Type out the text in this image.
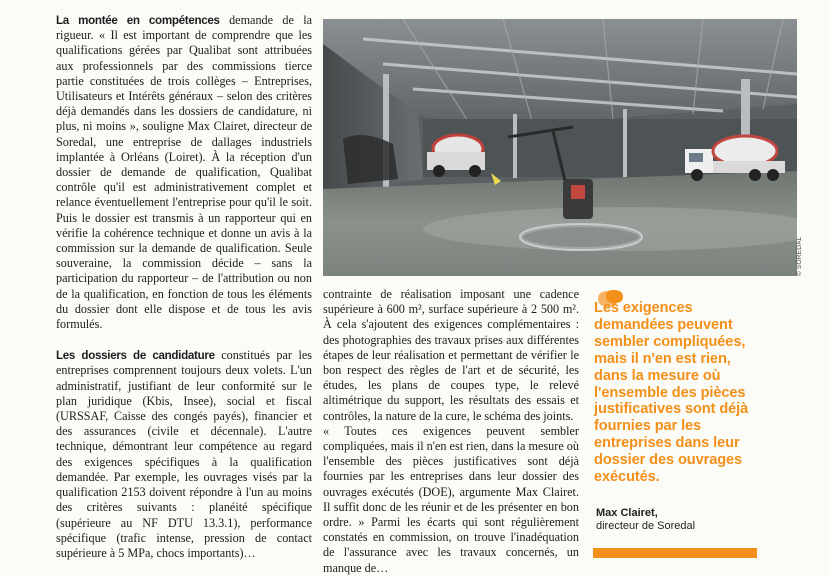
La montée en compétences demande de la rigueur. « Il est important de comprendre que les qualifications gérées par Qualibat sont attribuées aux professionnels par des commissions tierce partie constituées de trois collèges – Entreprises, Utilisateurs et Intérêts généraux – selon des critères déjà demandés dans les dossiers de candidature, ni plus, ni moins », souligne Max Clairet, directeur de Soredal, une entreprise de dallages industriels implantée à Orléans (Loiret). À la réception d'un dossier de demande de qualification, Qualibat contrôle qu'il est administrativement complet et relance éventuellement l'entreprise pour qu'il le soit. Puis le dossier est transmis à un rapporteur qui en vérifie la cohérence technique et donne un avis à la commission sur la demande de qualification. Seule souveraine, la commission décide – sans la participation du rapporteur – de l'attribution ou non de la qualification, en fonction de tous les éléments du dossier dont elle dispose et de tous les avis formulés.

Les dossiers de candidature constitués par les entreprises comprennent toujours deux volets. L'un administratif, justifiant de leur conformité sur le plan juridique (Kbis, Insee), social et fiscal (URSSAF, Caisse des congés payés), financier et des assurances (civile et décennale). L'autre technique, démontrant leur compétence au regard des exigences spécifiques à la qualification demandée. Par exemple, les ouvrages visés par la qualification 2153 doivent répondre à l'un au moins des critères suivants : planéité spécifique (supérieure au NF DTU 13.3.1), performance spécifique (trafic intense, pression de contact supérieure à 5 MPa, chocs importants)…

© SOREDAL

contrainte de réalisation imposant une cadence supérieure à 600 m², surface supérieure à 2 500 m². À cela s'ajoutent des exigences complémentaires : des photographies des travaux prises aux différentes étapes de leur réalisation et permettant de vérifier le bon respect des règles de l'art et de sécurité, les études, les plans de coupes type, le relevé altimétrique du support, les résultats des essais et contrôles, la nature de la cure, le schéma des joints.

« Toutes ces exigences peuvent sembler compliquées, mais il n'en est rien, dans la mesure où l'ensemble des pièces justificatives sont déjà fournies par les entreprises dans leur dossier des ouvrages exécutés (DOE), argumente Max Clairet. Il suffit donc de les réunir et de les présenter en bon ordre. » Parmi les écarts qui sont régulièrement constatés en commission, on trouve l'inadéquation de l'assurance avec les travaux concernés, un manque de…

Les exigences demandées peuvent sembler compliquées, mais il n'en est rien, dans la mesure où l'ensemble des pièces justificatives sont déjà fournies par les entreprises dans leur dossier des ouvrages exécutés.

Max Clairet,
directeur de Soredal
